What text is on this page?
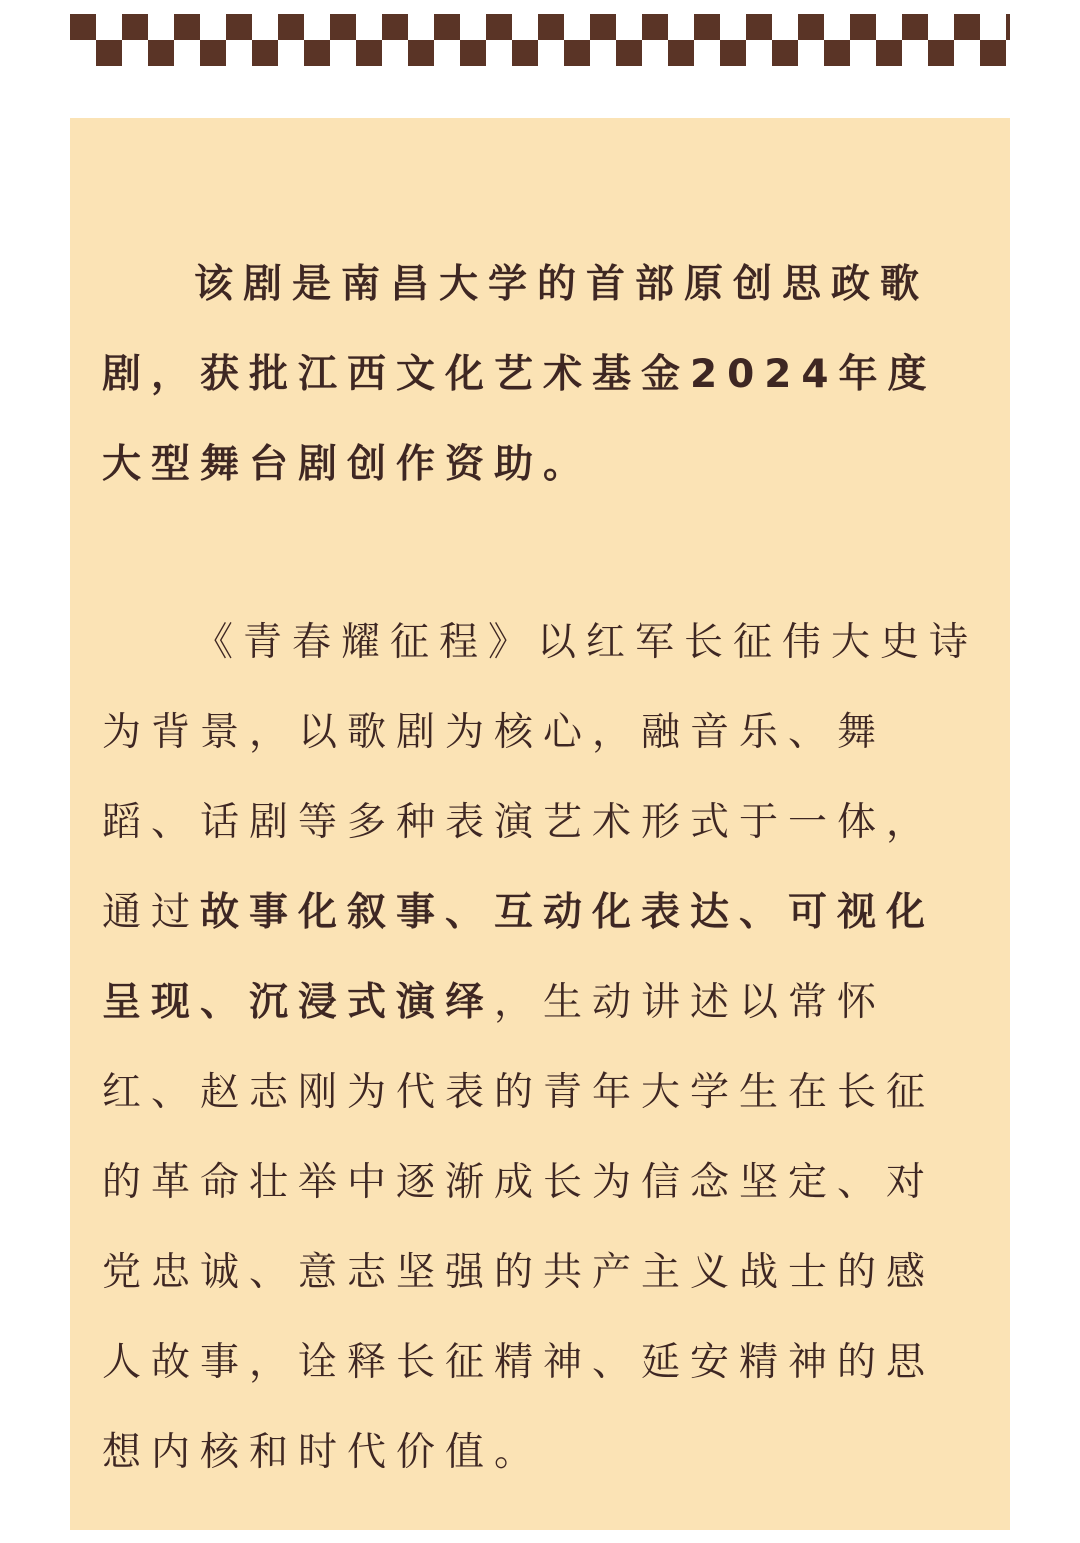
该剧是南昌大学的首部原创思政歌剧，获批江西文化艺术基金2024年度大型舞台剧创作资助。

《青春耀征程》以红军长征伟大史诗为背景，以歌剧为核心，融音乐、舞蹈、话剧等多种表演艺术形式于一体，通过故事化叙事、互动化表达、可视化呈现、沉浸式演绎，生动讲述以常怀红、赵志刚为代表的青年大学生在长征的革命壮举中逐渐成长为信念坚定、对党忠诚、意志坚强的共产主义战士的感人故事，诠释长征精神、延安精神的思想内核和时代价值。
